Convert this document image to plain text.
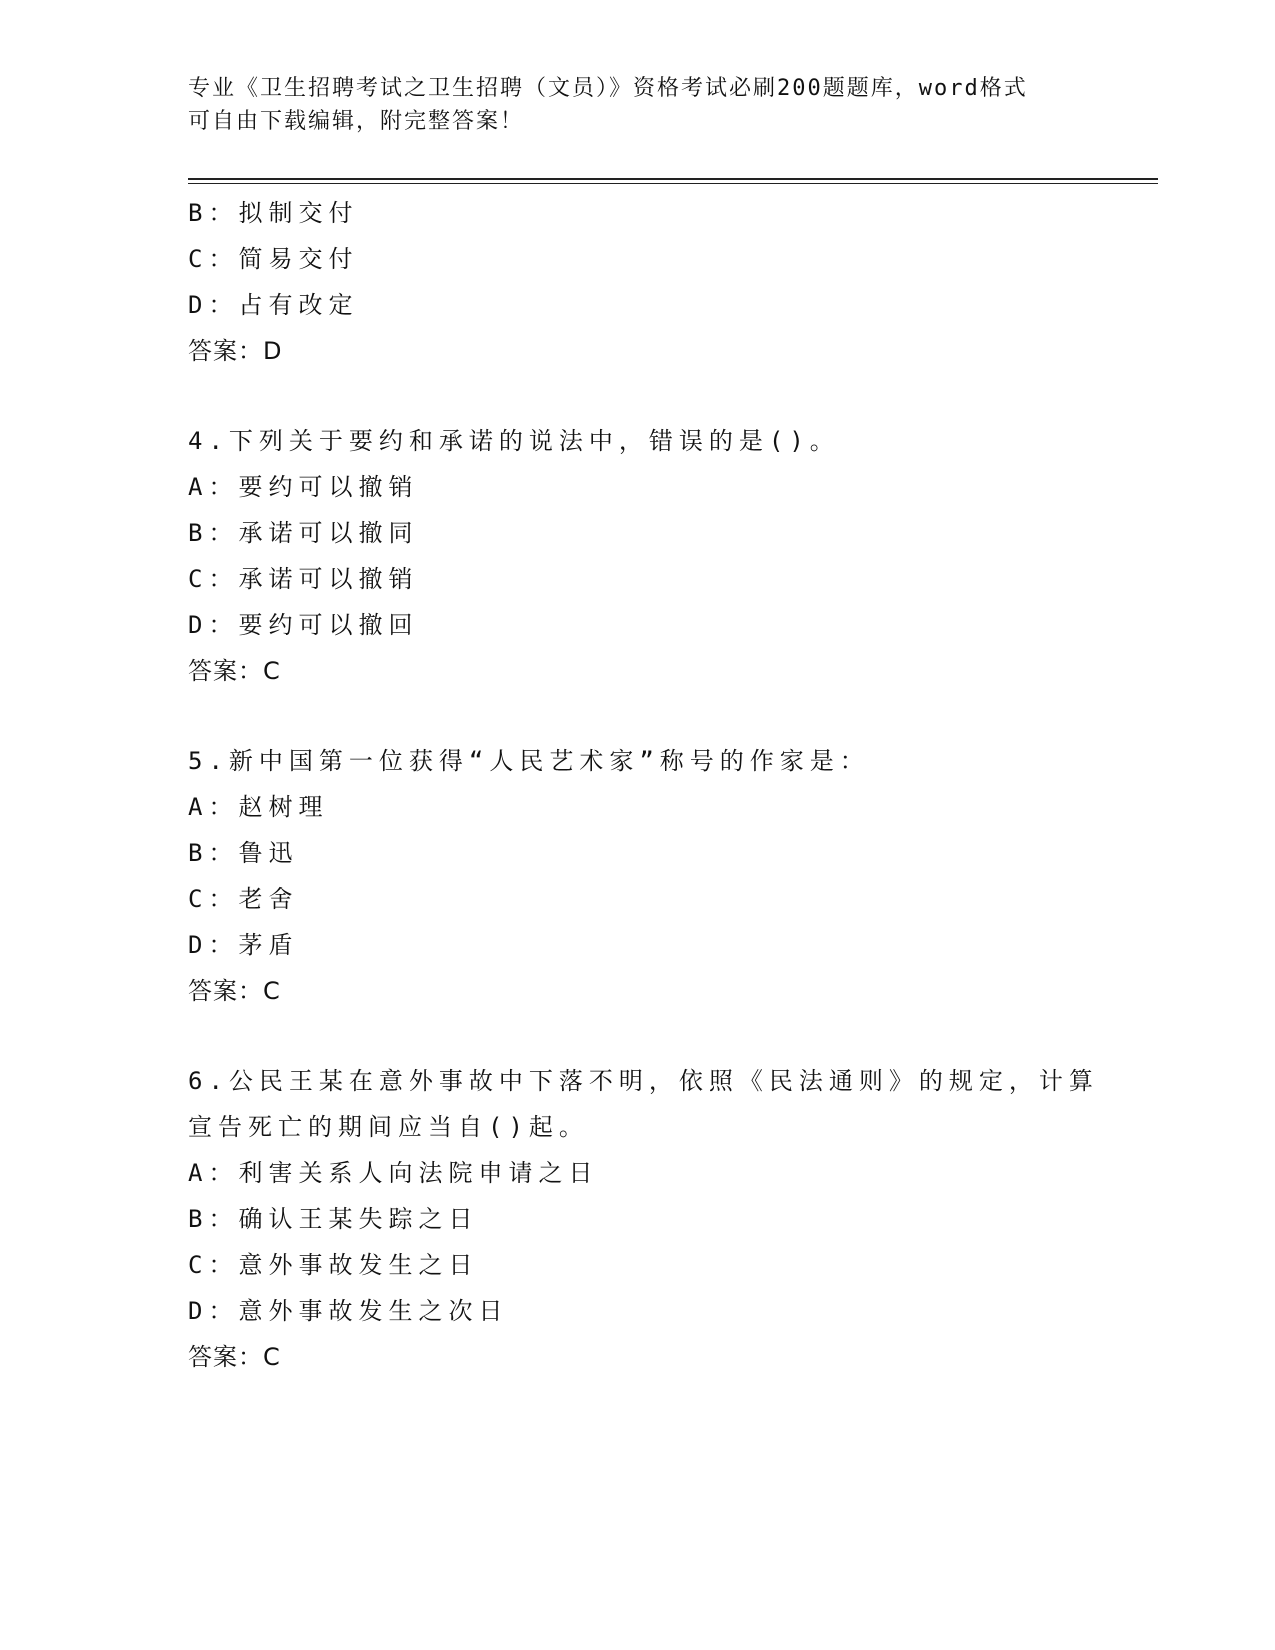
专业《卫生招聘考试之卫生招聘（文员）》资格考试必刷200题题库，word格式
可自由下载编辑，附完整答案！
B：拟制交付
C：简易交付
D：占有改定
答案：D
4.下列关于要约和承诺的说法中，错误的是()。
A：要约可以撤销
B：承诺可以撤同
C：承诺可以撤销
D：要约可以撤回
答案：C
5.新中国第一位获得“人民艺术家”称号的作家是：
A：赵树理
B：鲁迅
C：老舍
D：茅盾
答案：C
6.公民王某在意外事故中下落不明，依照《民法通则》的规定，计算
宣告死亡的期间应当自()起。
A：利害关系人向法院申请之日
B：确认王某失踪之日
C：意外事故发生之日
D：意外事故发生之次日
答案：C
